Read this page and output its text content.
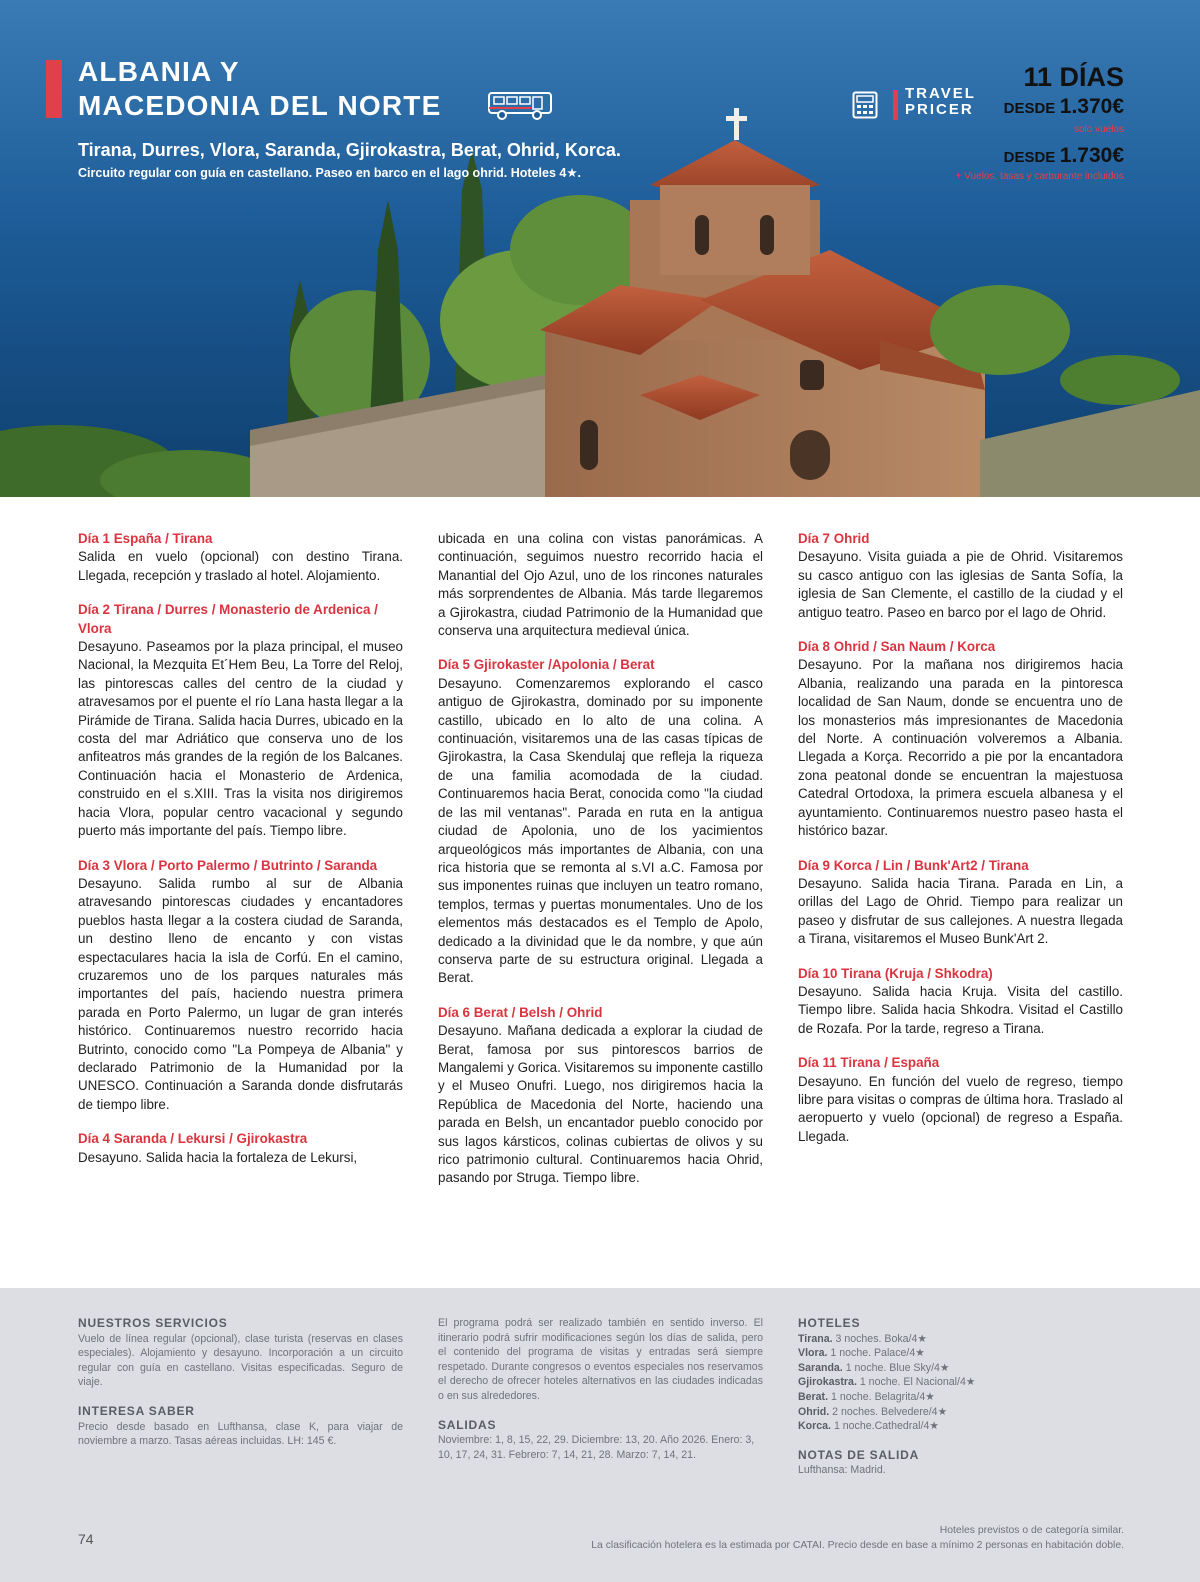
ALBANIA Y
MACEDONIA DEL NORTE
Tirana, Durres, Vlora, Saranda, Gjirokastra, Berat, Ohrid, Korca.
Circuito regular con guía en castellano. Paseo en barco en el lago ohrid. Hoteles 4★.
TRAVEL
PRICER
11 DÍAS
DESDE 1.370€
solo vuelos
DESDE 1.730€
+ Vuelos, tasas y carburante incluidos
Día 1 España / Tirana
Salida en vuelo (opcional) con destino Tirana. Llegada, recepción y traslado al hotel. Alojamiento.
Día 2 Tirana / Durres / Monasterio de Ardenica / Vlora
Desayuno. Paseamos por la plaza principal, el museo Nacional, la Mezquita Et´Hem Beu, La Torre del Reloj, las pintorescas calles del centro de la ciudad y atravesamos por el puente el río Lana hasta llegar a la Pirámide de Tirana. Salida hacia Durres, ubicado en la costa del mar Adriático que conserva uno de los anfiteatros más grandes de la región de los Balcanes. Continuación hacia el Monasterio de Ardenica, construido en el s.XIII. Tras la visita nos dirigiremos hacia Vlora, popular centro vacacional y segundo puerto más importante del país. Tiempo libre.
Día 3 Vlora / Porto Palermo / Butrinto / Saranda
Desayuno. Salida rumbo al sur de Albania atravesando pintorescas ciudades y encantadores pueblos hasta llegar a la costera ciudad de Saranda, un destino lleno de encanto y con vistas espectaculares hacia la isla de Corfú. En el camino, cruzaremos uno de los parques naturales más importantes del país, haciendo nuestra primera parada en Porto Palermo, un lugar de gran interés histórico. Continuaremos nuestro recorrido hacia Butrinto, conocido como "La Pompeya de Albania" y declarado Patrimonio de la Humanidad por la UNESCO. Continuación a Saranda donde disfrutarás de tiempo libre.
Día 4 Saranda / Lekursi / Gjirokastra
Desayuno. Salida hacia la fortaleza de Lekursi,
ubicada en una colina con vistas panorámicas. A continuación, seguimos nuestro recorrido hacia el Manantial del Ojo Azul, uno de los rincones naturales más sorprendentes de Albania. Más tarde llegaremos a Gjirokastra, ciudad Patrimonio de la Humanidad que conserva una arquitectura medieval única.
Día 5 Gjirokaster /Apolonia / Berat
Desayuno. Comenzaremos explorando el casco antiguo de Gjirokastra, dominado por su imponente castillo, ubicado en lo alto de una colina. A continuación, visitaremos una de las casas típicas de Gjirokastra, la Casa Skendulaj que refleja la riqueza de una familia acomodada de la ciudad. Continuaremos hacia Berat, conocida como "la ciudad de las mil ventanas". Parada en ruta en la antigua ciudad de Apolonia, uno de los yacimientos arqueológicos más importantes de Albania, con una rica historia que se remonta al s.VI a.C. Famosa por sus imponentes ruinas que incluyen un teatro romano, templos, termas y puertas monumentales. Uno de los elementos más destacados es el Templo de Apolo, dedicado a la divinidad que le da nombre, y que aún conserva parte de su estructura original. Llegada a Berat.
Día 6 Berat / Belsh / Ohrid
Desayuno. Mañana dedicada a explorar la ciudad de Berat, famosa por sus pintorescos barrios de Mangalemi y Gorica. Visitaremos su imponente castillo y el Museo Onufri. Luego, nos dirigiremos hacia la República de Macedonia del Norte, haciendo una parada en Belsh, un encantador pueblo conocido por sus lagos kársticos, colinas cubiertas de olivos y su rico patrimonio cultural. Continuaremos hacia Ohrid, pasando por Struga. Tiempo libre.
Día 7 Ohrid
Desayuno. Visita guiada a pie de Ohrid. Visitaremos su casco antiguo con las iglesias de Santa Sofía, la iglesia de San Clemente, el castillo de la ciudad y el antiguo teatro. Paseo en barco por el lago de Ohrid.
Día 8 Ohrid / San Naum / Korca
Desayuno. Por la mañana nos dirigiremos hacia Albania, realizando una parada en la pintoresca localidad de San Naum, donde se encuentra uno de los monasterios más impresionantes de Macedonia del Norte. A continuación volveremos a Albania. Llegada a Korça. Recorrido a pie por la encantadora zona peatonal donde se encuentran la majestuosa Catedral Ortodoxa, la primera escuela albanesa y el ayuntamiento. Continuaremos nuestro paseo hasta el histórico bazar.
Día 9 Korca / Lin / Bunk'Art2 / Tirana
Desayuno. Salida hacia Tirana. Parada en Lin, a orillas del Lago de Ohrid. Tiempo para realizar un paseo y disfrutar de sus callejones. A nuestra llegada a Tirana, visitaremos el Museo Bunk'Art 2.
Día 10 Tirana (Kruja / Shkodra)
Desayuno. Salida hacia Kruja. Visita del castillo. Tiempo libre. Salida hacia Shkodra. Visitad el Castillo de Rozafa. Por la tarde, regreso a Tirana.
Día 11 Tirana / España
Desayuno. En función del vuelo de regreso, tiempo libre para visitas o compras de última hora. Traslado al aeropuerto y vuelo (opcional) de regreso a España. Llegada.
NUESTROS SERVICIOS
Vuelo de línea regular (opcional), clase turista (reservas en clases especiales). Alojamiento y desayuno. Incorporación a un circuito regular con guía en castellano. Visitas especificadas. Seguro de viaje.
INTERESA SABER
Precio desde basado en Lufthansa, clase K, para viajar de noviembre a marzo. Tasas aéreas incluidas. LH: 145 €.
El programa podrá ser realizado también en sentido inverso. El itinerario podrá sufrir modificaciones según los días de salida, pero el contenido del programa de visitas y entradas será siempre respetado. Durante congresos o eventos especiales nos reservamos el derecho de ofrecer hoteles alternativos en las ciudades indicadas o en sus alrededores.
SALIDAS
Noviembre: 1, 8, 15, 22, 29. Diciembre: 13, 20. Año 2026. Enero: 3, 10, 17, 24, 31. Febrero: 7, 14, 21, 28. Marzo: 7, 14, 21.
HOTELES
Tirana. 3 noches. Boka/4★
Vlora. 1 noche. Palace/4★
Saranda. 1 noche. Blue Sky/4★
Gjirokastra. 1 noche. El Nacional/4★
Berat. 1 noche. Belagrita/4★
Ohrid. 2 noches. Belvedere/4★
Korca. 1 noche.Cathedral/4★
NOTAS DE SALIDA
Lufthansa: Madrid.
74
Hoteles previstos o de categoría similar.
La clasificación hotelera es la estimada por CATAI. Precio desde en base a mínimo 2 personas en habitación doble.
